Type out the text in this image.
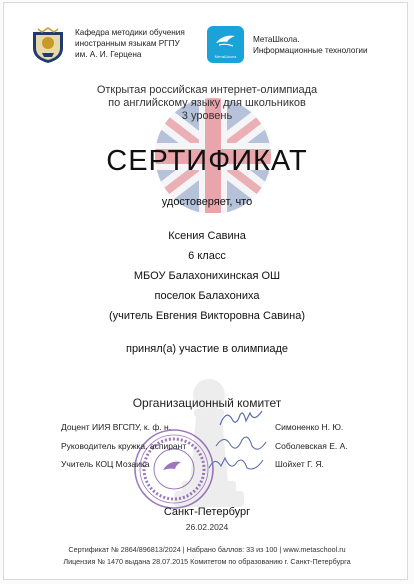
Кафедра методики обучения
иностранным языкам РГПУ
им. А. И. Герцена	МетаШкола
МетаШкола.
Информационные технологии
Открытая российская интернет-олимпиада
по английскому языку для школьников
3 уровень
СЕРТИФИКАТ
удостоверяет, что
Ксения Савина
6 класс
МБОУ Балахонихинская ОШ
поселок Балахониха
(учитель Евгения Викторовна Савина)
принял(а) участие в олимпиаде
Организационный комитет
Доцент ИИЯ ВГСПУ, к. ф. н.	Симоненко Н. Ю.
Руководитель кружка, аспирант	Соболевская Е. А.
Учитель КОЦ Мозаика	Шойхет Г. Я.
Санкт-Петербург
26.02.2024
Сертификат № 2864/896813/2024 | Набрано баллов: 33 из 100 | www.metaschool.ru
Лицензия № 1470 выдана 28.07.2015 Комитетом по образованию г. Санкт-Петербурга
